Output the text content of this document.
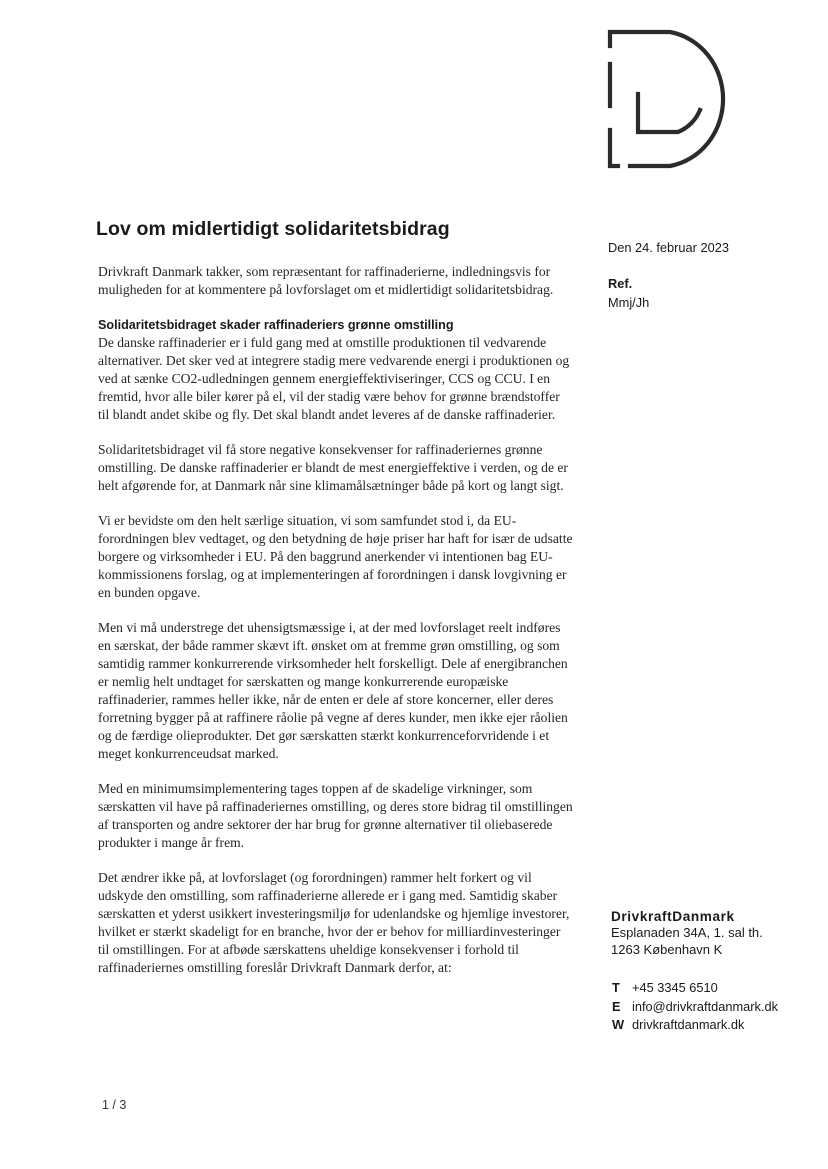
Lov om midlertidigt solidaritetsbidrag

Drivkraft Danmark takker, som repræsentant for raffinaderierne, indledningsvis for muligheden for at kommentere på lovforslaget om et midlertidigt solidaritetsbidrag.

Solidaritetsbidraget skader raffinaderiers grønne omstilling

De danske raffinaderier er i fuld gang med at omstille produktionen til vedvarende alternativer. Det sker ved at integrere stadig mere vedvarende energi i produktionen og ved at sænke CO2-udledningen gennem energieffektiviseringer, CCS og CCU. I en fremtid, hvor alle biler kører på el, vil der stadig være behov for grønne brændstoffer til blandt andet skibe og fly. Det skal blandt andet leveres af de danske raffinaderier.

Solidaritetsbidraget vil få store negative konsekvenser for raffinaderiernes grønne omstilling. De danske raffinaderier er blandt de mest energieffektive i verden, og de er helt afgørende for, at Danmark når sine klimamålsætninger både på kort og langt sigt.

Vi er bevidste om den helt særlige situation, vi som samfundet stod i, da EU-forordningen blev vedtaget, og den betydning de høje priser har haft for især de udsatte borgere og virksomheder i EU. På den baggrund anerkender vi intentionen bag EU-kommissionens forslag, og at implementeringen af forordningen i dansk lovgivning er en bunden opgave.

Men vi må understrege det uhensigtsmæssige i, at der med lovforslaget reelt indføres en særskat, der både rammer skævt ift. ønsket om at fremme grøn omstilling, og som samtidig rammer konkurrerende virksomheder helt forskelligt. Dele af energibranchen er nemlig helt undtaget for særskatten og mange konkurrerende europæiske raffinaderier, rammes heller ikke, når de enten er dele af store koncerner, eller deres forretning bygger på at raffinere råolie på vegne af deres kunder, men ikke ejer råolien og de færdige olieprodukter. Det gør særskatten stærkt konkurrenceforvridende i et meget konkurrenceudsat marked.

Med en minimumsimplementering tages toppen af de skadelige virkninger, som særskatten vil have på raffinaderiernes omstilling, og deres store bidrag til omstillingen af transporten og andre sektorer der har brug for grønne alternativer til oliebaserede produkter i mange år frem.

Det ændrer ikke på, at lovforslaget (og forordningen) rammer helt forkert og vil udskyde den omstilling, som raffinaderierne allerede er i gang med. Samtidig skaber særskatten et yderst usikkert investeringsmiljø for udenlandske og hjemlige investorer, hvilket er stærkt skadeligt for en branche, hvor der er behov for milliardinvesteringer til omstillingen. For at afbøde særskattens uheldige konsekvenser i forhold til raffinaderiernes omstilling foreslår Drivkraft Danmark derfor, at:

Den 24. februar 2023
Ref.
Mmj/Jh
DrivkraftDanmark
Esplanaden 34A, 1. sal th.
1263 København K
T +45 3345 6510
E info@drivkraftdanmark.dk
W drivkraftdanmark.dk
1 / 3
